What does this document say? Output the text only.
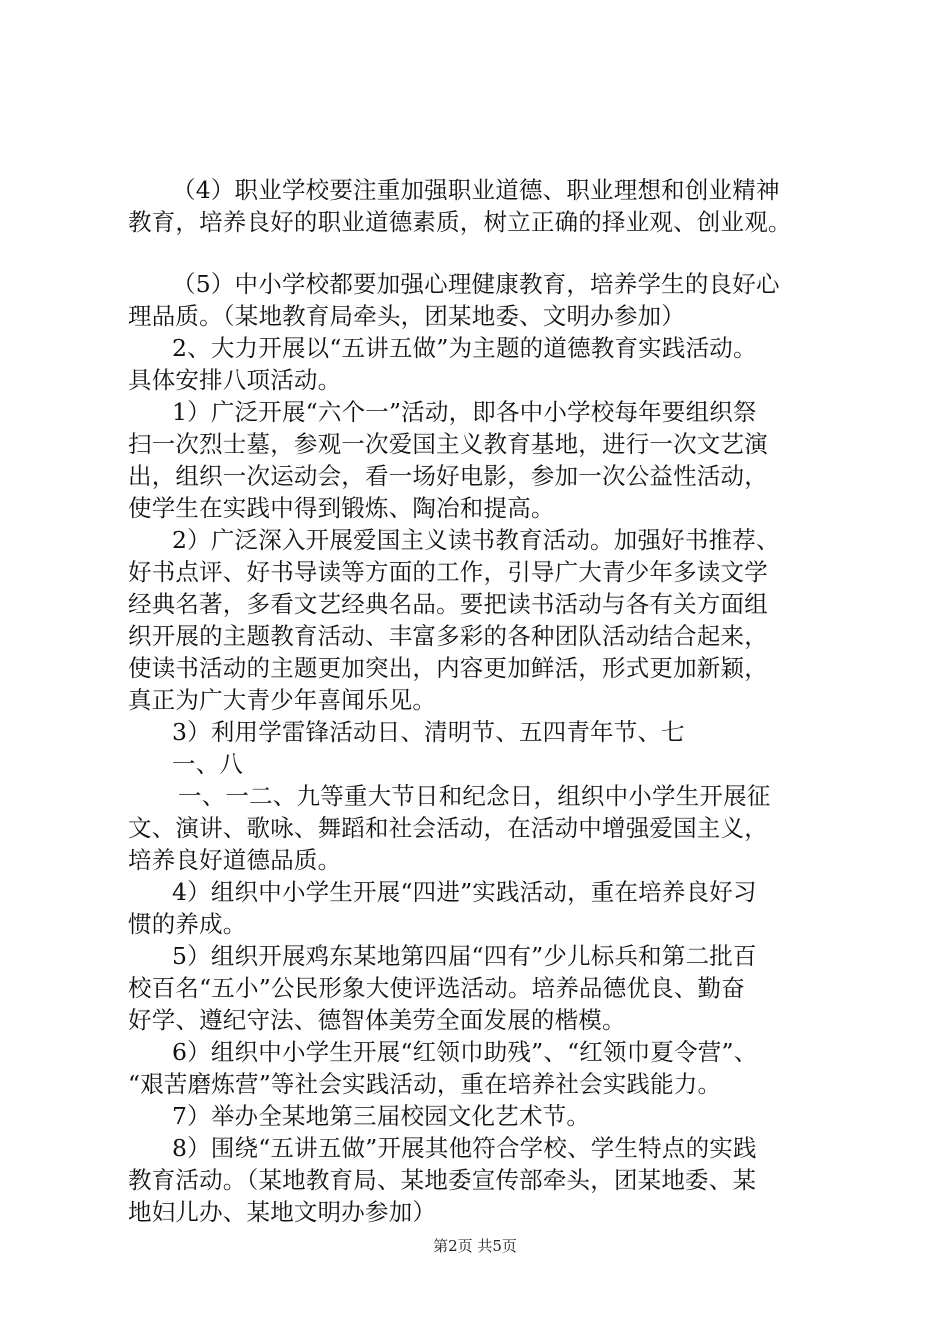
（4）职业学校要注重加强职业道德、职业理想和创业精神
教育，培养良好的职业道德素质，树立正确的择业观、创业观。
（5）中小学校都要加强心理健康教育，培养学生的良好心
理品质。（某地教育局牵头，团某地委、文明办参加）
2、大力开展以“五讲五做”为主题的道德教育实践活动。
具体安排八项活动。
1）广泛开展“六个一”活动，即各中小学校每年要组织祭
扫一次烈士墓，参观一次爱国主义教育基地，进行一次文艺演
出，组织一次运动会，看一场好电影，参加一次公益性活动，
使学生在实践中得到锻炼、陶冶和提高。
2）广泛深入开展爱国主义读书教育活动。加强好书推荐、
好书点评、好书导读等方面的工作，引导广大青少年多读文学
经典名著，多看文艺经典名品。要把读书活动与各有关方面组
织开展的主题教育活动、丰富多彩的各种团队活动结合起来，
使读书活动的主题更加突出，内容更加鲜活，形式更加新颖，
真正为广大青少年喜闻乐见。
3）利用学雷锋活动日、清明节、五四青年节、七
一、八
一、一二、九等重大节日和纪念日，组织中小学生开展征
文、演讲、歌咏、舞蹈和社会活动，在活动中增强爱国主义，
培养良好道德品质。
4）组织中小学生开展“四进”实践活动，重在培养良好习
惯的养成。
5）组织开展鸡东某地第四届“四有”少儿标兵和第二批百
校百名“五小”公民形象大使评选活动。培养品德优良、勤奋
好学、遵纪守法、德智体美劳全面发展的楷模。
6）组织中小学生开展“红领巾助残”、“红领巾夏令营”、
“艰苦磨炼营”等社会实践活动，重在培养社会实践能力。
7）举办全某地第三届校园文化艺术节。
8）围绕“五讲五做”开展其他符合学校、学生特点的实践
教育活动。（某地教育局、某地委宣传部牵头，团某地委、某
地妇儿办、某地文明办参加）
第2页 共5页
